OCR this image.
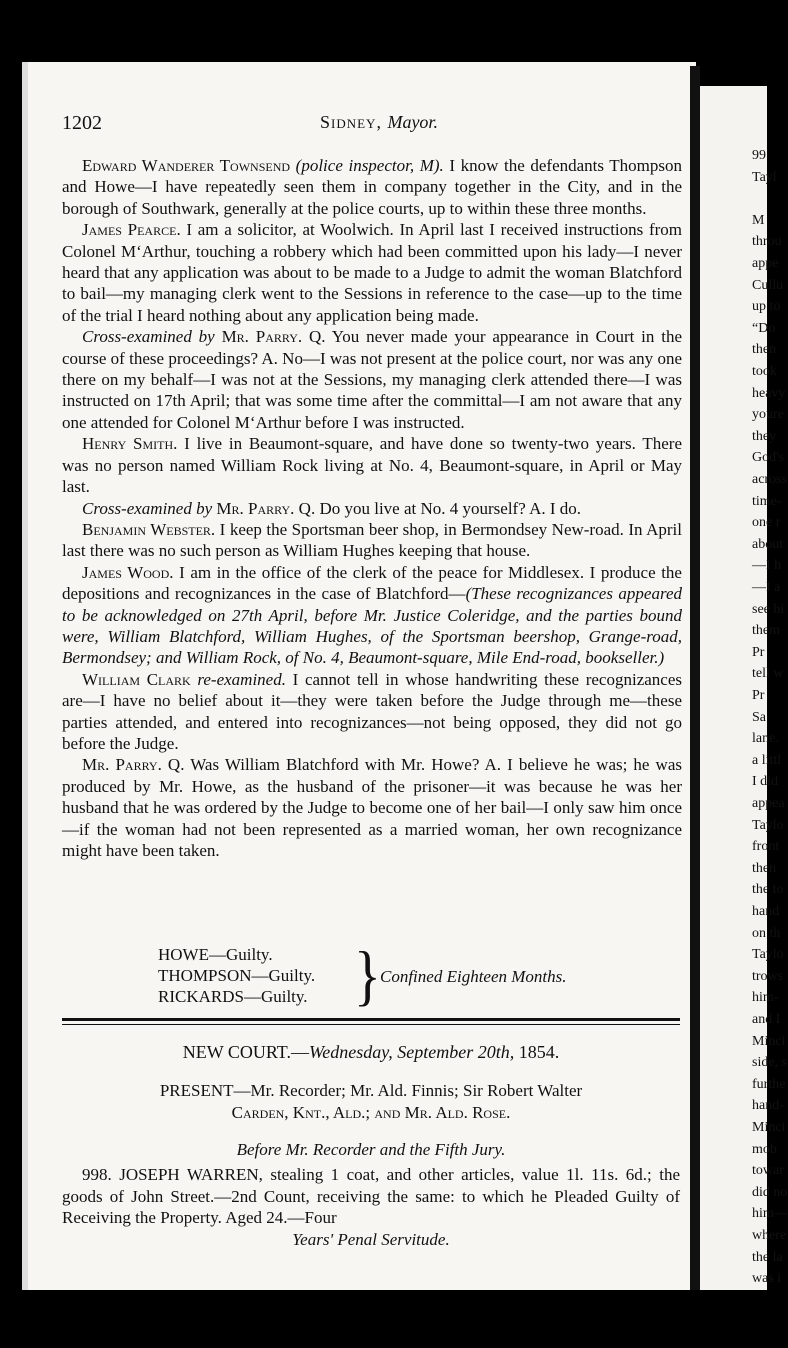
99
Tayl
M
throu
appe
Cullu
up to
“Do
then
took
heavy
youre
they
God's
across
time-
one r
about
—I h
—I a
see hi
them
Pr
tell w
Pr
Sa
lane.
a littl
I did
appea
Taylo
front
then
the to
hand
on th
Taylo
trows
him-
and I
Minci
side, s
furthe
hand-
Minci
mob
towar
did no
him—
where
the la
was i
1202	Sidney, Mayor.

Edward Wanderer Townsend (police inspector, M). I know the defendants Thompson and Howe—I have repeatedly seen them in company together in the City, and in the borough of Southwark, generally at the police courts, up to within these three months.

James Pearce. I am a solicitor, at Woolwich. In April last I received instructions from Colonel M‘Arthur, touching a robbery which had been committed upon his lady—I never heard that any application was about to be made to a Judge to admit the woman Blatchford to bail—my managing clerk went to the Sessions in reference to the case—up to the time of the trial I heard nothing about any application being made.

Cross-examined by Mr. Parry. Q. You never made your appearance in Court in the course of these proceedings? A. No—I was not present at the police court, nor was any one there on my behalf—I was not at the Sessions, my managing clerk attended there—I was instructed on 17th April; that was some time after the committal—I am not aware that any one attended for Colonel M‘Arthur before I was instructed.

Henry Smith. I live in Beaumont-square, and have done so twenty-two years. There was no person named William Rock living at No. 4, Beaumont-square, in April or May last.

Cross-examined by Mr. Parry. Q. Do you live at No. 4 yourself? A. I do.

Benjamin Webster. I keep the Sportsman beer shop, in Bermondsey New-road. In April last there was no such person as William Hughes keeping that house.

James Wood. I am in the office of the clerk of the peace for Middlesex. I produce the depositions and recognizances in the case of Blatchford—(These recognizances appeared to be acknowledged on 27th April, before Mr. Justice Coleridge, and the parties bound were, William Blatchford, William Hughes, of the Sportsman beershop, Grange-road, Bermondsey; and William Rock, of No. 4, Beaumont-square, Mile End-road, bookseller.)

William Clark re-examined. I cannot tell in whose handwriting these recognizances are—I have no belief about it—they were taken before the Judge through me—these parties attended, and entered into recognizances—not being opposed, they did not go before the Judge.

Mr. Parry. Q. Was William Blatchford with Mr. Howe? A. I believe he was; he was produced by Mr. Howe, as the husband of the prisoner—it was because he was her husband that he was ordered by the Judge to become one of her bail—I only saw him once—if the woman had not been represented as a married woman, her own recognizance might have been taken.

HOWE—Guilty.
THOMPSON—Guilty.
RICKARDS—Guilty. } Confined Eighteen Months.
NEW COURT.—Wednesday, September 20th, 1854.
PRESENT—Mr. Recorder; Mr. Ald. Finnis; Sir Robert Walter
Carden, Knt., Ald.; and Mr. Ald. Rose.
Before Mr. Recorder and the Fifth Jury.

998. JOSEPH WARREN, stealing 1 coat, and other articles, value 1l. 11s. 6d.; the goods of John Street.—2nd Count, receiving the same: to which he Pleaded Guilty of Receiving the Property. Aged 24.—Four

Years' Penal Servitude.
